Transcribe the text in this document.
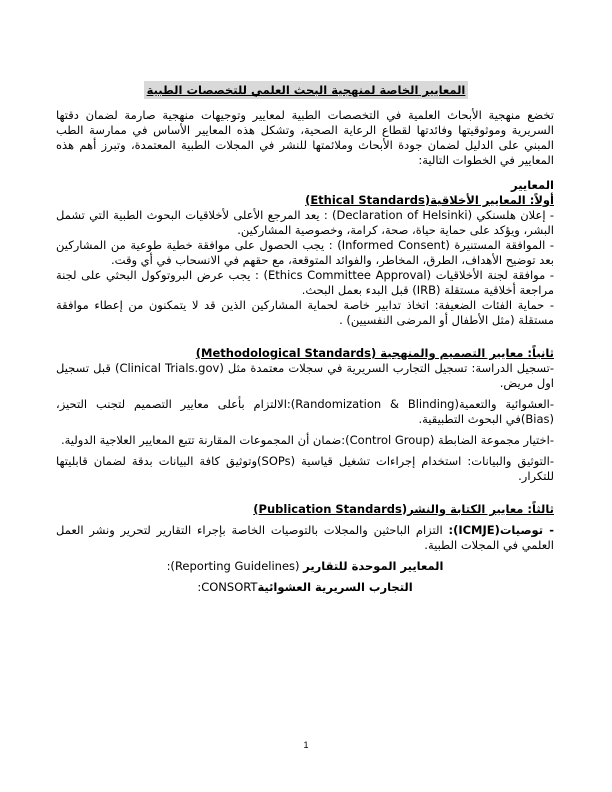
المعايير الخاصة لمنهجية البحث العلمي للتخصصات الطبية

تخضع منهجية الأبحاث العلمية في التخصصات الطبية لمعايير وتوجيهات منهجية صارمة لضمان دقتها السريرية وموثوقيتها وفائدتها لقطاع الرعاية الصحية، وتشكل هذه المعايير الأساس في ممارسة الطب المبني على الدليل لضمان جودة الأبحاث وملائمتها للنشر في المجلات الطبية المعتمدة، وتبرز أهم هذه المعايير في الخطوات التالية:

المعايير

أولاً: المعايير الأخلاقية(Ethical Standards)

- إعلان هلسنكي (Declaration of Helsinki) : يعد المرجع الأعلى لأخلاقيات البحوث الطبية التي تشمل البشر، ويؤكد على حماية حياة، صحة، كرامة، وخصوصية المشاركين.

- الموافقة المستنيرة (Informed Consent) : يجب الحصول على موافقة خطية طوعية من المشاركين بعد توضيح الأهداف، الطرق، المخاطر، والفوائد المتوقعة، مع حقهم في الانسحاب في أي وقت.

- موافقة لجنة الأخلاقيات (Ethics Committee Approval) : يجب عرض البروتوكول البحثي على لجنة مراجعة أخلاقية مستقلة (IRB) قبل البدء بعمل البحث.

- حماية الفئات الضعيفة: اتخاذ تدابير خاصة لحماية المشاركين الذين قد لا يتمكنون من إعطاء موافقة مستقلة (مثل الأطفال أو المرضى النفسيين) .

ثانياً: معايير التصميم والمنهجية (Methodological Standards)

-تسجيل الدراسة: تسجيل التجارب السريرية في سجلات معتمدة مثل (Clinical Trials.gov) قبل تسجيل اول مريض.

-العشوائية والتعمية(Randomization & Blinding):الالتزام بأعلى معايير التصميم لتجنب التحيز، (Bias)في البحوث التطبيقية.

-اختيار مجموعة الضابطة (Control Group):ضمان أن المجموعات المقارنة تتبع المعايير العلاجية الدولية.

-التوثيق والبيانات: استخدام إجراءات تشغيل قياسية (SOPs)وتوثيق كافة البيانات بدقة لضمان قابليتها للتكرار.

ثالثاً: معايير الكتابة والنشر(Publication Standards)

- توصيات(ICMJE): التزام الباحثين والمجلات بالتوصيات الخاصة بإجراء التقارير لتحرير ونشر العمل العلمي في المجلات الطبية.

المعايير الموحدة للتقارير (Reporting Guidelines):

التجارب السريرية العشوائيةCONSORT:

1
